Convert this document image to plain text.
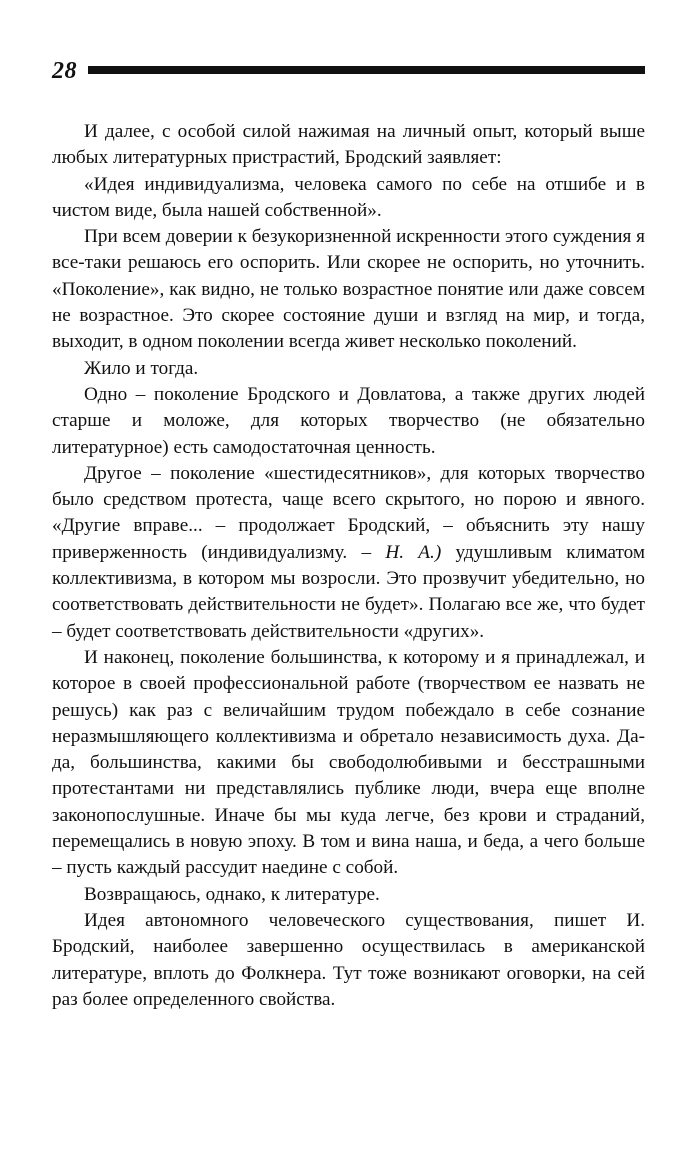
28

И далее, с особой силой нажимая на личный опыт, который выше любых литературных пристрастий, Бродский заявляет:

«Идея индивидуализма, человека самого по себе на отшибе и в чистом виде, была нашей собственной».

При всем доверии к безукоризненной искренности этого суждения я все-таки решаюсь его оспорить. Или скорее не оспорить, но уточнить. «Поколение», как видно, не только возрастное понятие или даже совсем не возрастное. Это скорее состояние души и взгляд на мир, и тогда, выходит, в одном поколении всегда живет несколько поколений.

Жило и тогда.

Одно – поколение Бродского и Довлатова, а также других людей старше и моложе, для которых творчество (не обязательно литературное) есть самодостаточная ценность.

Другое – поколение «шестидесятников», для которых творчество было средством протеста, чаще всего скрытого, но порою и явного. «Другие вправе... – продолжает Бродский, – объяснить эту нашу приверженность (индивидуализму. – Н. А.) удушливым климатом коллективизма, в котором мы возросли. Это прозвучит убедительно, но соответствовать действительности не будет». Полагаю все же, что будет – будет соответствовать действительности «других».

И наконец, поколение большинства, к которому и я принадлежал, и которое в своей профессиональной работе (творчеством ее назвать не решусь) как раз с величайшим трудом побеждало в себе сознание неразмышляющего коллективизма и обретало независимость духа. Да-да, большинства, какими бы свободолюбивыми и бесстрашными протестантами ни представлялись публике люди, вчера еще вполне законопослушные. Иначе бы мы куда легче, без крови и страданий, перемещались в новую эпоху. В том и вина наша, и беда, а чего больше – пусть каждый рассудит наедине с собой.

Возвращаюсь, однако, к литературе.

Идея автономного человеческого существования, пишет И. Бродский, наиболее завершенно осуществилась в американской литературе, вплоть до Фолкнера. Тут тоже возникают оговорки, на сей раз более определенного свойства.
